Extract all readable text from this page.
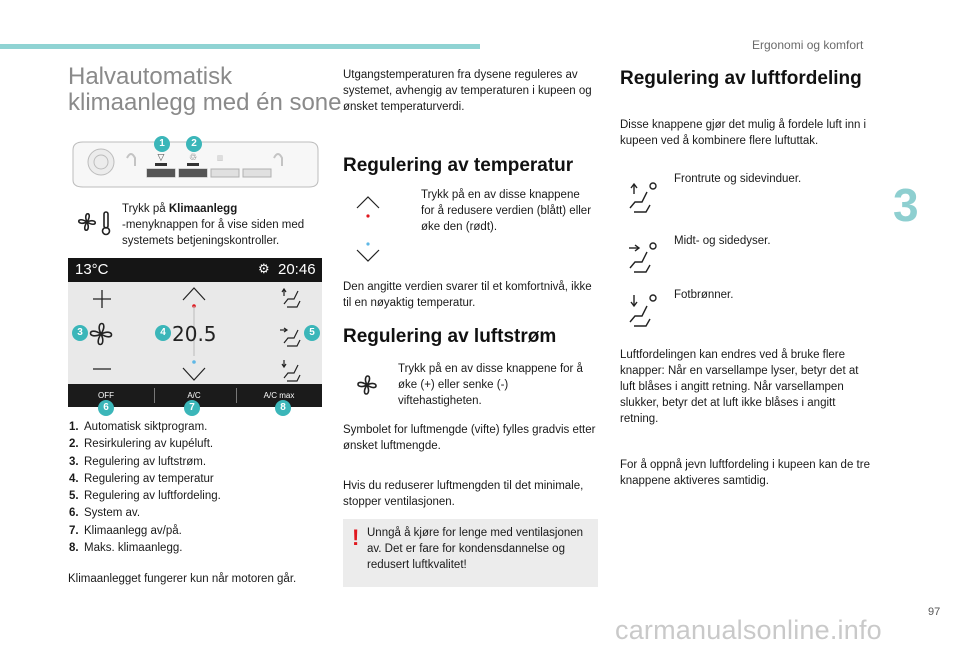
Ergonomi og komfort
3
97
carmanualsonline.info
Halvautomatisk
klimaanlegg med én sone
▽	♲	▥
1	2
Trykk på Klimaanlegg
-menyknappen for å vise siden med systemets betjeningskontroller.
13°C	⚙ 20:46
20.5
3	4	5
OFF	A/C	A/C max
6	7	8
1. Automatisk siktprogram.
2. Resirkulering av kupéluft.
3. Regulering av luftstrøm.
4. Regulering av temperatur
5. Regulering av luftfordeling.
6. System av.
7. Klimaanlegg av/på.
8. Maks. klimaanlegg.
Klimaanlegget fungerer kun når motoren går.
Utgangstemperaturen fra dysene reguleres av systemet, avhengig av temperaturen i kupeen og ønsket temperaturverdi.
Regulering av temperatur
Trykk på en av disse knappene for å redusere verdien (blått) eller øke den (rødt).
Den angitte verdien svarer til et komfortnivå, ikke til en nøyaktig temperatur.
Regulering av luftstrøm
Trykk på en av disse knappene for å øke (+) eller senke (-) viftehastigheten.
Symbolet for luftmengde (vifte) fylles gradvis etter ønsket luftmengde.
Hvis du reduserer luftmengden til det minimale, stopper ventilasjonen.
! Unngå å kjøre for lenge med ventilasjonen av. Det er fare for kondensdannelse og redusert luftkvalitet!
Regulering av luftfordeling
Disse knappene gjør det mulig å fordele luft inn i kupeen ved å kombinere flere luftuttak.
Frontrute og sidevinduer.
Midt- og sidedyser.
Fotbrønner.
Luftfordelingen kan endres ved å bruke flere knapper: Når en varsellampe lyser, betyr det at luft blåses i angitt retning. Når varsellampen slukker, betyr det at luft ikke blåses i angitt retning.
For å oppnå jevn luftfordeling i kupeen kan de tre knappene aktiveres samtidig.
